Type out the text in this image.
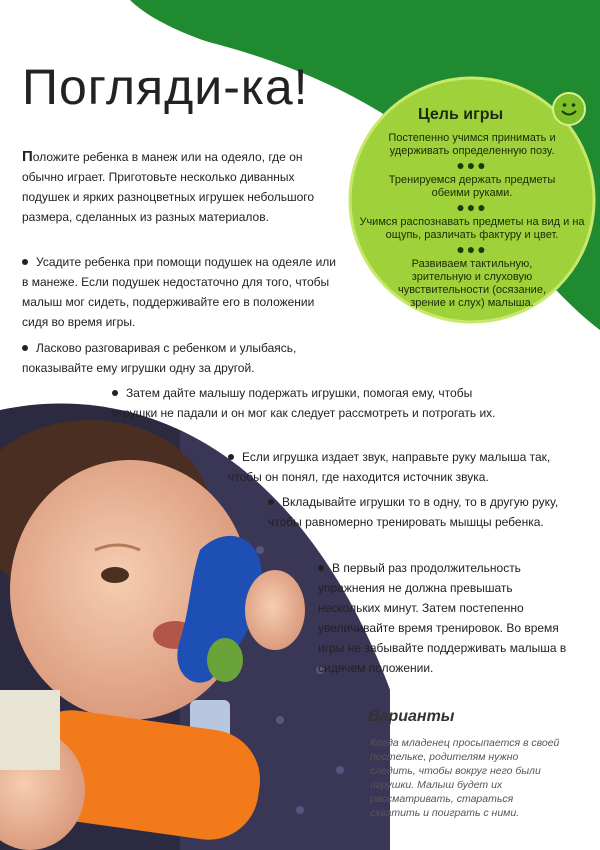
Погляди-ка!	Цель игры

Постепенно учимся принимать и удерживать определенную позу.

●●●

Тренируемся держать предметы обеими руками.

●●●

Учимся распознавать предметы на вид и на ощупь, различать фактуру и цвет.

●●●

Развиваем тактильную, зрительную и слуховую чувствительности (осязание, зрение и слух) малыша.

Положите ребенка в манеж или на одеяло, где он обычно играет. Приготовьте несколько диванных подушек и ярких разноцветных игрушек небольшого размера, сделанных из разных материалов.

Усадите ребенка при помощи подушек на одеяле или в манеже. Если подушек недостаточно для того, чтобы малыш мог сидеть, поддерживайте его в положении сидя во время игры.

Ласково разговаривая с ребенком и улыбаясь, показывайте ему игрушки одну за другой.

Затем дайте малышу подержать игрушки, помогая ему, чтобы игрушки не падали и он мог как следует рассмотреть и потрогать их.

Если игрушка издает звук, направьте руку малыша так, чтобы он понял, где находится источник звука.

Вкладывайте игрушки то в одну, то в другую руку, чтобы равномерно тренировать мышцы ребенка.

В первый раз продолжительность упражнения не должна превышать нескольких минут. Затем постепенно увеличивайте время тренировок. Во время игры не забывайте поддерживать малыша в сидячем положении.

Варианты

Когда младенец просыпается в своей постельке, родителям нужно следить, чтобы вокруг него были игрушки. Малыш будет их рассматривать, стараться схватить и поиграть с ними.
